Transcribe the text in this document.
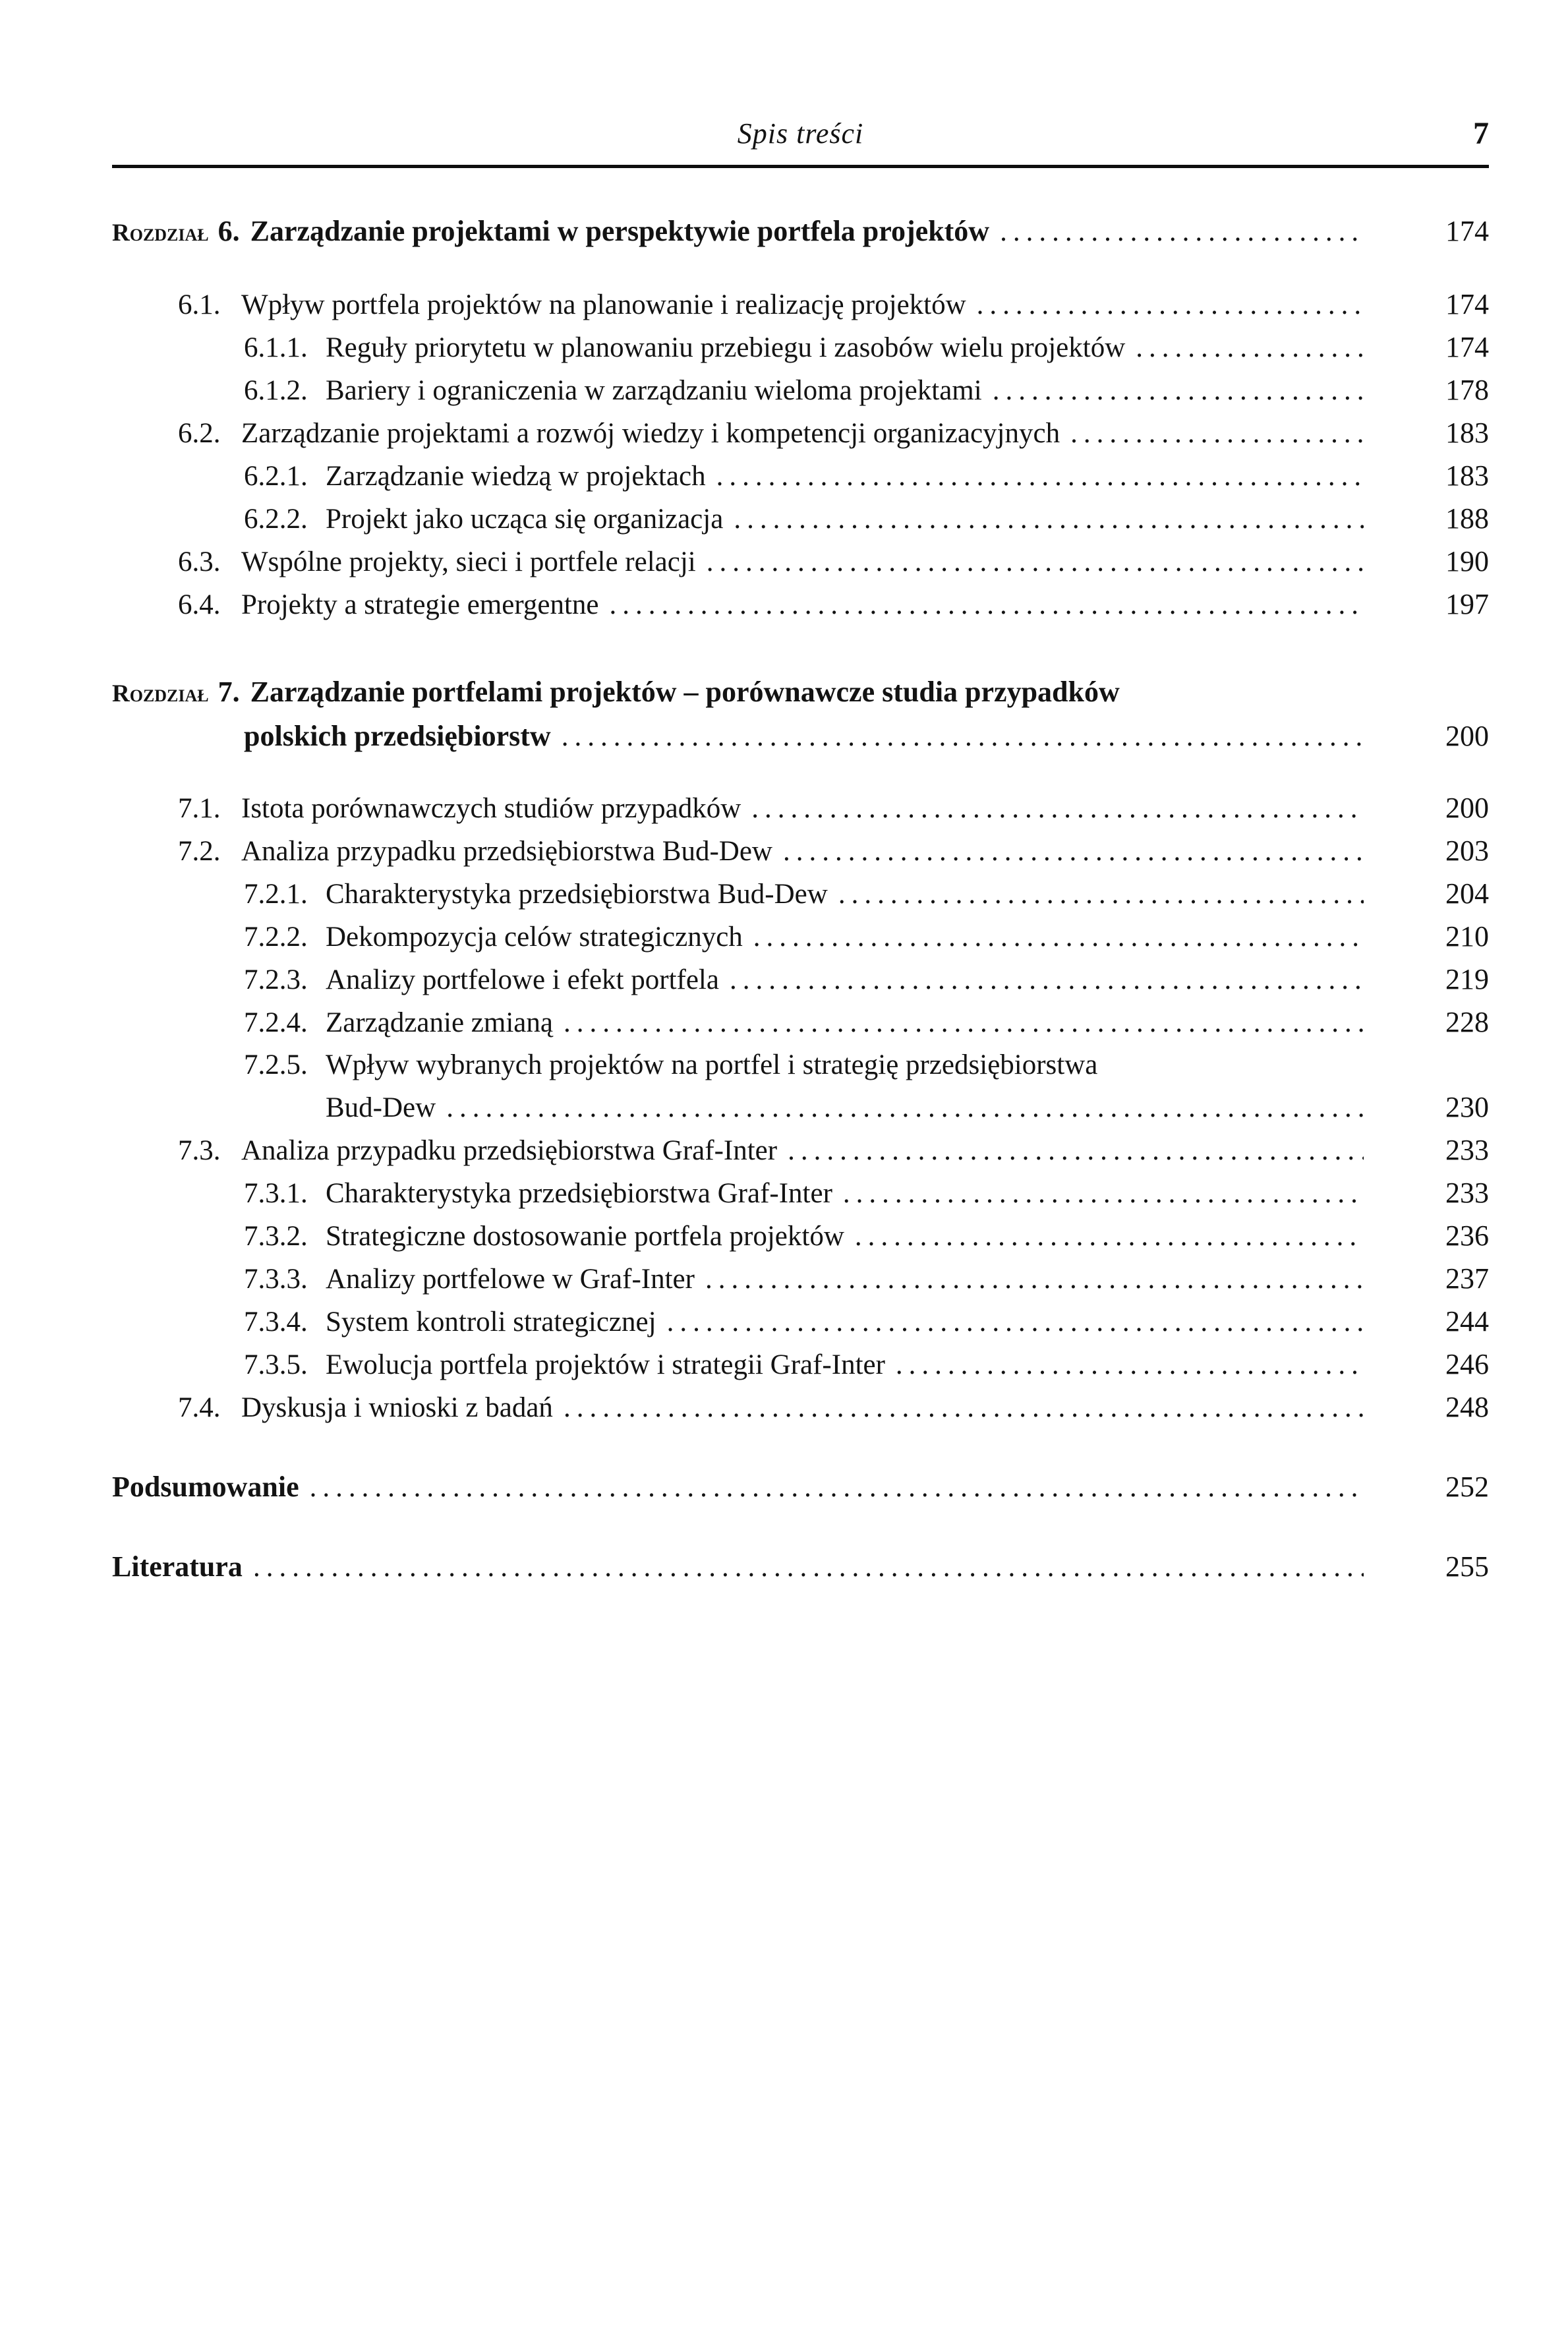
Spis treści	7
Rozdział 6. Zarządzanie projektami w perspektywie portfela projektów .....	174
6.1. Wpływ portfela projektów na planowanie i realizację projektów .....	174
6.1.1. Reguły priorytetu w planowaniu przebiegu i zasobów wielu projektów .....	174
6.1.2. Bariery i ograniczenia w zarządzaniu wieloma projektami .....	178
6.2. Zarządzanie projektami a rozwój wiedzy i kompetencji organizacyjnych .....	183
6.2.1. Zarządzanie wiedzą w projektach .....	183
6.2.2. Projekt jako ucząca się organizacja .....	188
6.3. Wspólne projekty, sieci i portfele relacji .....	190
6.4. Projekty a strategie emergentne .....	197
Rozdział 7. Zarządzanie portfelami projektów – porównawcze studia przypadków
polskich przedsiębiorstw .....	200
7.1. Istota porównawczych studiów przypadków .....	200
7.2. Analiza przypadku przedsiębiorstwa Bud-Dew .....	203
7.2.1. Charakterystyka przedsiębiorstwa Bud-Dew .....	204
7.2.2. Dekompozycja celów strategicznych .....	210
7.2.3. Analizy portfelowe i efekt portfela .....	219
7.2.4. Zarządzanie zmianą .....	228
7.2.5. Wpływ wybranych projektów na portfel i strategię przedsiębiorstwa
Bud-Dew .....	230
7.3. Analiza przypadku przedsiębiorstwa Graf-Inter .....	233
7.3.1. Charakterystyka przedsiębiorstwa Graf-Inter .....	233
7.3.2. Strategiczne dostosowanie portfela projektów .....	236
7.3.3. Analizy portfelowe w Graf-Inter .....	237
7.3.4. System kontroli strategicznej .....	244
7.3.5. Ewolucja portfela projektów i strategii Graf-Inter .....	246
7.4. Dyskusja i wnioski z badań .....	248
Podsumowanie .....	252
Literatura .....	255
